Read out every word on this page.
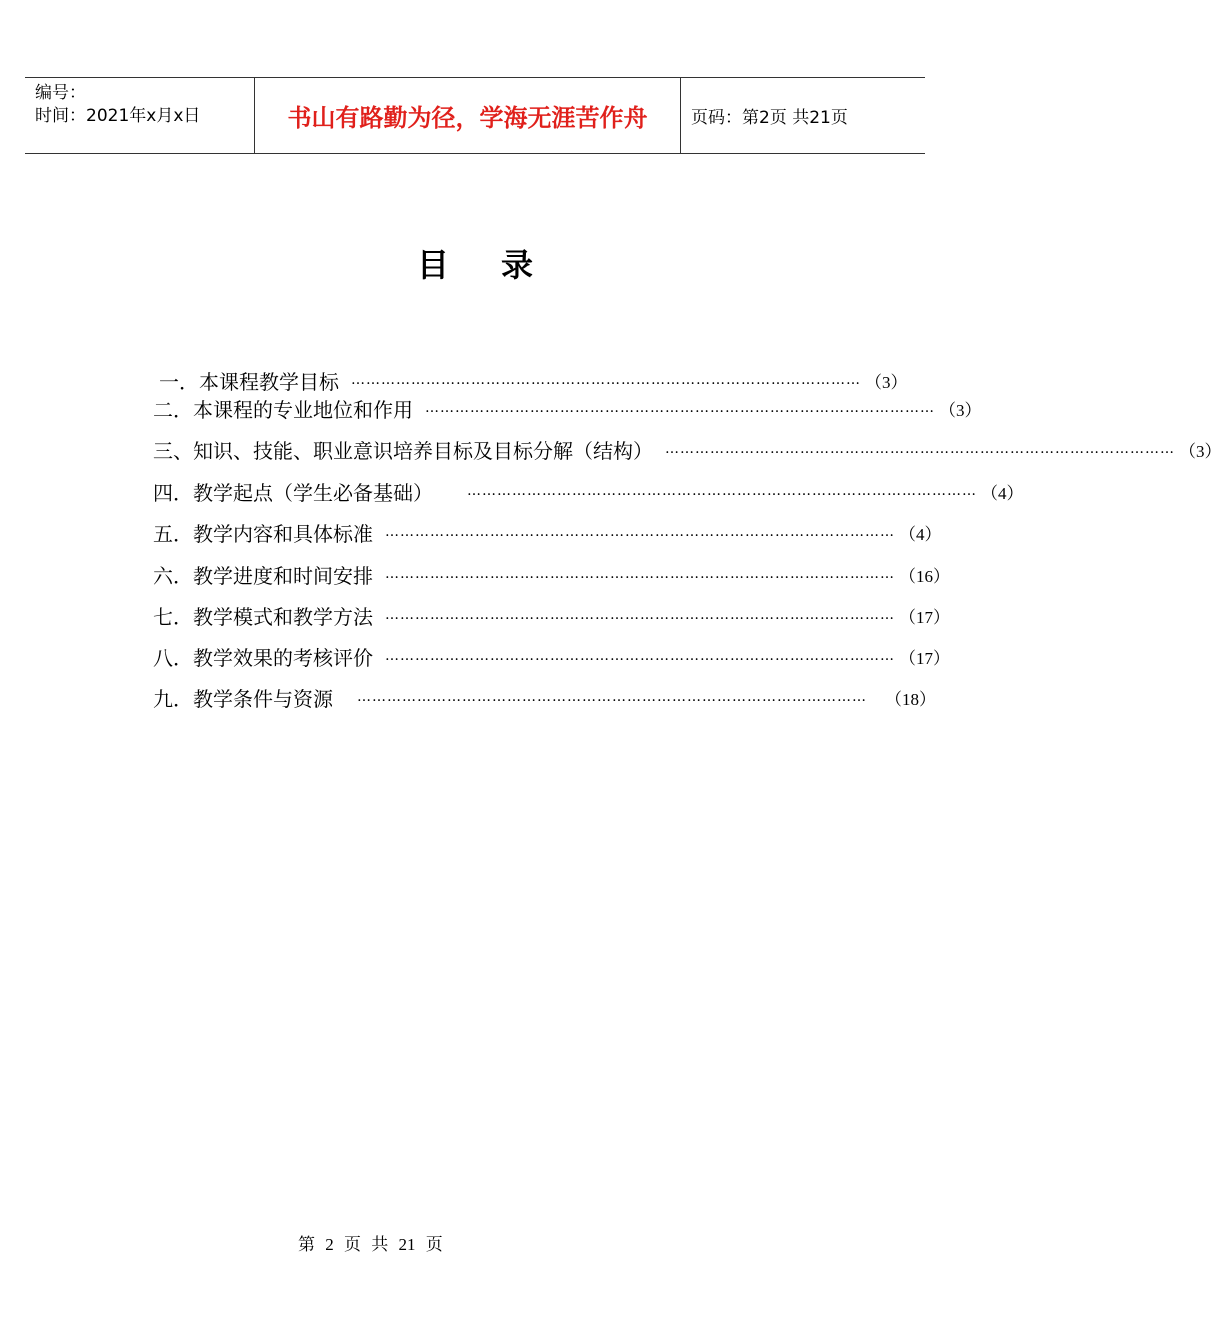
编号：
时间：2021年x月x日	书山有路勤为径，学海无涯苦作舟	页码：第2页 共21页
目录
一．本课程教学目标 ………………………………………………………………………………………… （3）
二．本课程的专业地位和作用 ………………………………………………………………………………………… （3）
三、知识、技能、职业意识培养目标及目标分解（结构） ………………………………………………………………………………………… （3）
四．教学起点（学生必备基础） ………………………………………………………………………………………… （4）
五．教学内容和具体标准 ………………………………………………………………………………………… （4）
六．教学进度和时间安排 ………………………………………………………………………………………… （16）
七．教学模式和教学方法 ………………………………………………………………………………………… （17）
八．教学效果的考核评价 ………………………………………………………………………………………… （17）
九．教学条件与资源 ………………………………………………………………………………………… （18）
第 2 页 共 21 页
